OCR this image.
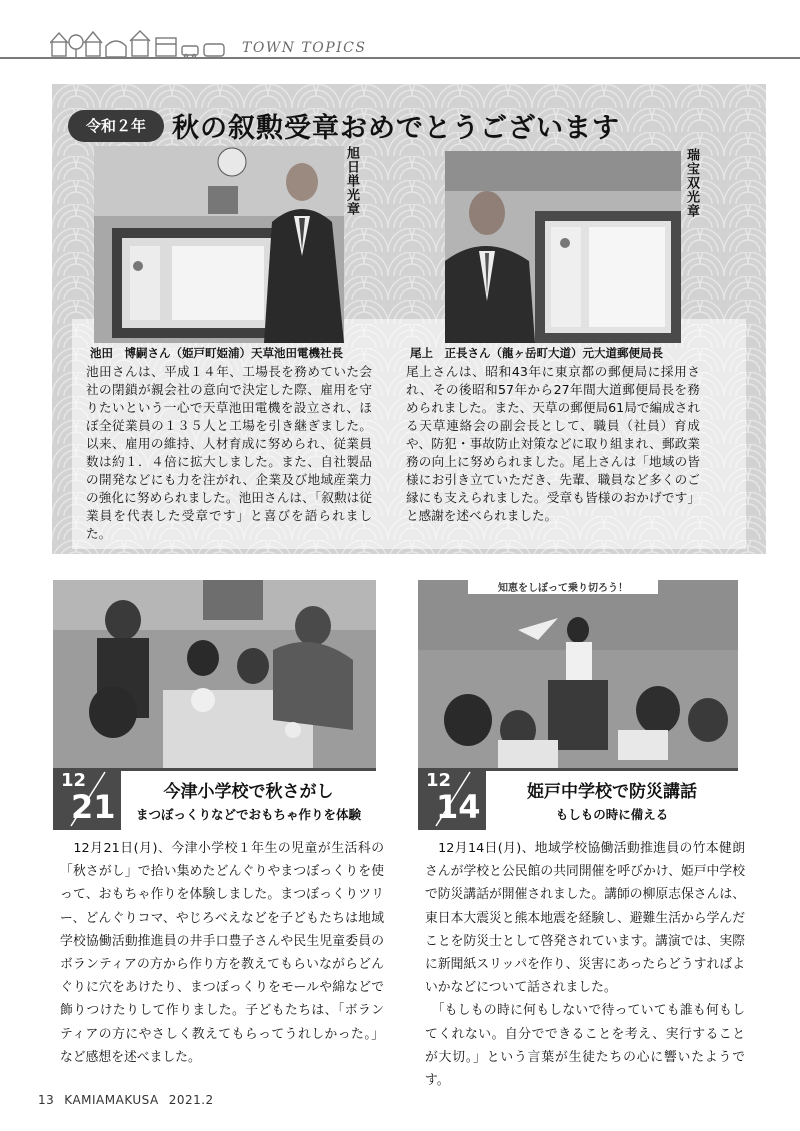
TOWN TOPICS
令和２年 秋の叙勲受章おめでとうございます
旭日単光章	瑞宝双光章
池田　博嗣さん（姫戸町姫浦）天草池田電機社長	尾上　正長さん（龍ヶ岳町大道）元大道郵便局長
池田さんは、平成１４年、工場長を務めていた会社の閉鎖が親会社の意向で決定した際、雇用を守りたいという一心で天草池田電機を設立され、ほぼ全従業員の１３５人と工場を引き継ぎました。以来、雇用の維持、人材育成に努められ、従業員数は約１．４倍に拡大しました。また、自社製品の開発などにも力を注がれ、企業及び地域産業力の強化に努められました。池田さんは、「叙勲は従業員を代表した受章です」と喜びを語られました。
尾上さんは、昭和43年に東京都の郵便局に採用され、その後昭和57年から27年間大道郵便局長を務められました。また、天草の郵便局61局で編成される天草連絡会の副会長として、職員（社員）育成や、防犯・事故防止対策などに取り組まれ、郵政業務の向上に努められました。尾上さんは「地域の皆様にお引き立ていただき、先輩、職員など多くのご縁にも支えられました。受章も皆様のおかげです」と感謝を述べられました。
12
21	今津小学校で秋さがし
まつぼっくりなどでおもちゃ作りを体験

　12月21日(月)、今津小学校１年生の児童が生活科の「秋さがし」で拾い集めたどんぐりやまつぼっくりを使って、おもちゃ作りを体験しました。まつぼっくりツリー、どんぐりコマ、やじろべえなどを子どもたちは地域学校協働活動推進員の井手口豊子さんや民生児童委員のボランティアの方から作り方を教えてもらいながらどんぐりに穴をあけたり、まつぼっくりをモールや綿などで飾りつけたりして作りました。子どもたちは、「ボランティアの方にやさしく教えてもらってうれしかった。」など感想を述べました。

知恵をしぼって乗り切ろう！
12
14	姫戸中学校で防災講話
もしもの時に備える

　12月14日(月)、地域学校協働活動推進員の竹本健朗さんが学校と公民館の共同開催を呼びかけ、姫戸中学校で防災講話が開催されました。講師の柳原志保さんは、東日本大震災と熊本地震を経験し、避難生活から学んだことを防災士として啓発されています。講演では、実際に新聞紙スリッパを作り、災害にあったらどうすればよいかなどについて話されました。

　「もしもの時に何もしないで待っていても誰も何もしてくれない。自分でできることを考え、実行することが大切。」という言葉が生徒たちの心に響いたようです。

13 KAMIAMAKUSA 2021.2
